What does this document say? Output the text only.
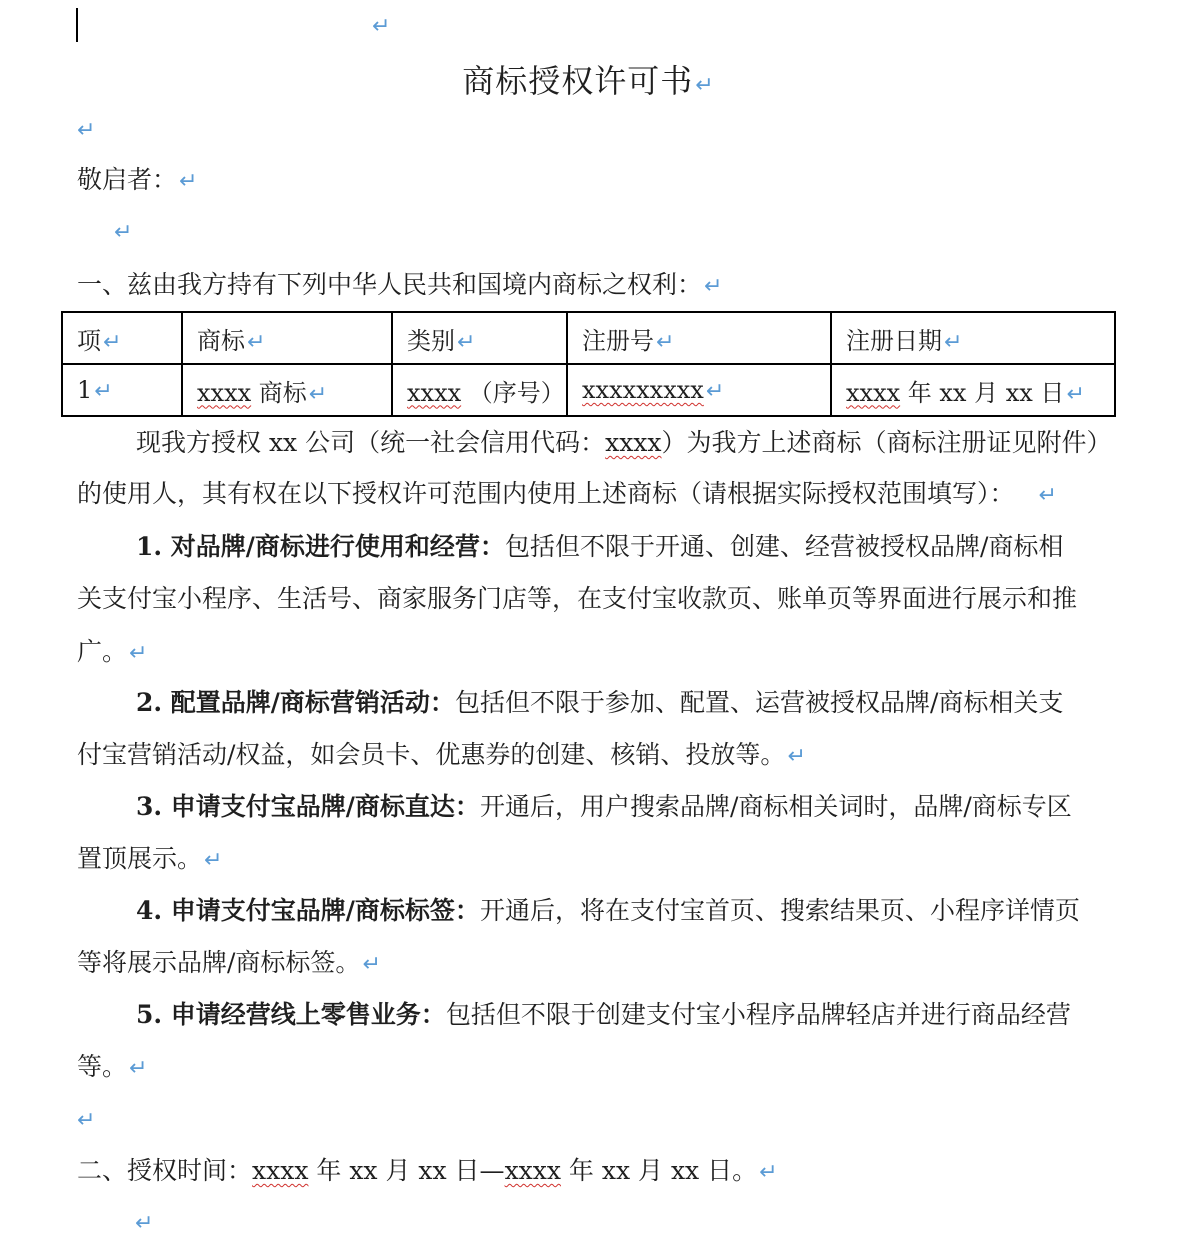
↵
商标授权许可书↵
↵
敬启者：↵
↵
一、兹由我方持有下列中华人民共和国境内商标之权利：↵
项↵	商标↵	类别↵	注册号↵	注册日期↵
1↵	xxxx 商标↵	xxxx （序号）	xxxxxxxxx↵	xxxx 年 xx 月 xx 日↵
现我方授权 xx 公司（统一社会信用代码：xxxx）为我方上述商标（商标注册证见附件）
的使用人，其有权在以下授权许可范围内使用上述商标（请根据实际授权范围填写）： ↵
1. 对品牌/商标进行使用和经营：包括但不限于开通、创建、经营被授权品牌/商标相
关支付宝小程序、生活号、商家服务门店等，在支付宝收款页、账单页等界面进行展示和推
广。↵
2. 配置品牌/商标营销活动：包括但不限于参加、配置、运营被授权品牌/商标相关支
付宝营销活动/权益，如会员卡、优惠券的创建、核销、投放等。↵
3. 申请支付宝品牌/商标直达：开通后，用户搜索品牌/商标相关词时，品牌/商标专区
置顶展示。↵
4. 申请支付宝品牌/商标标签：开通后，将在支付宝首页、搜索结果页、小程序详情页
等将展示品牌/商标标签。↵
5. 申请经营线上零售业务：包括但不限于创建支付宝小程序品牌轻店并进行商品经营
等。↵
↵
二、授权时间：xxxx 年 xx 月 xx 日—xxxx 年 xx 月 xx 日。↵
↵
